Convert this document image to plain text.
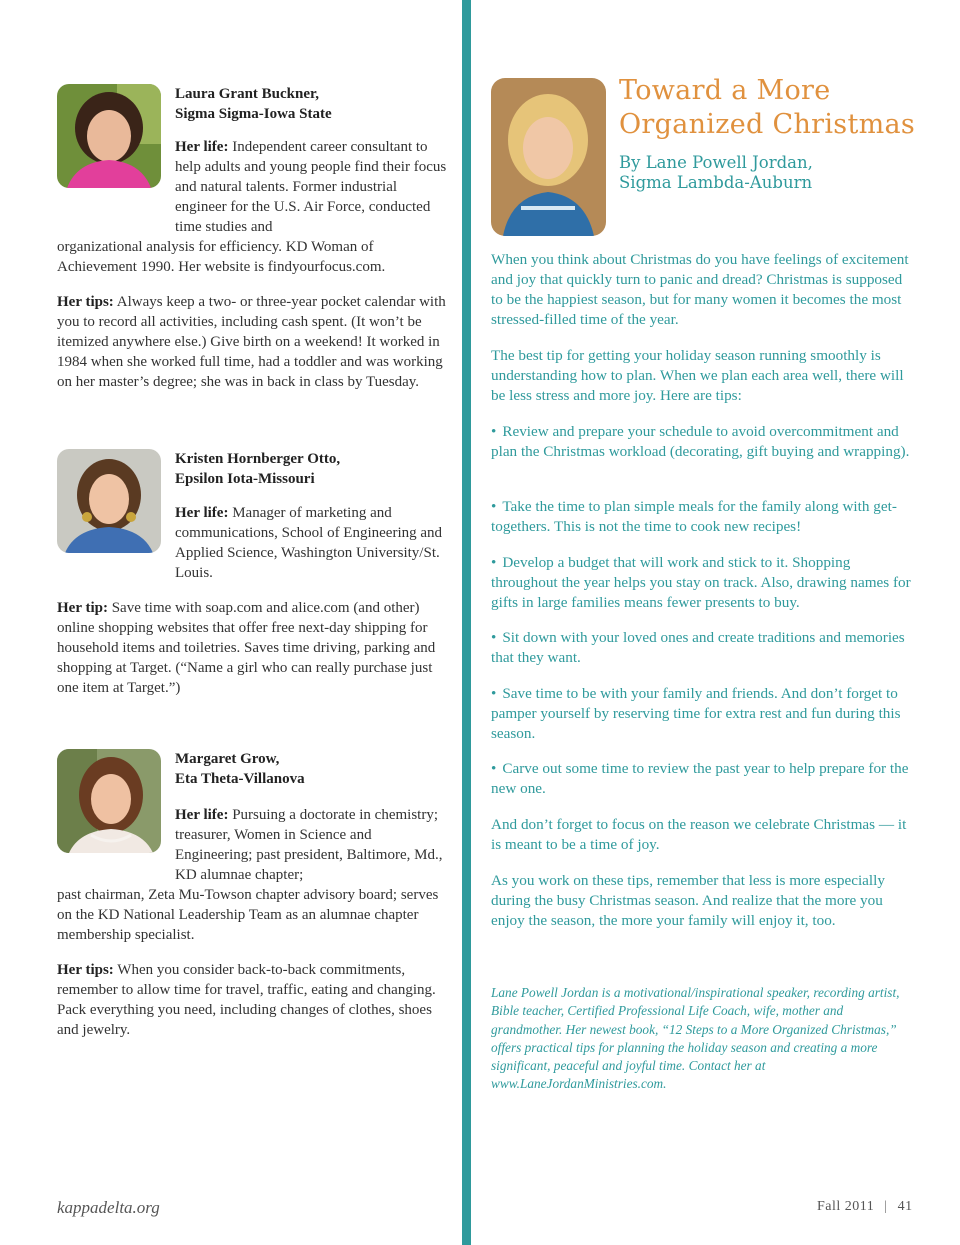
Laura Grant Buckner,
Sigma Sigma-Iowa State

Her life: Independent career consultant to help adults and young people find their focus and natural talents. Former industrial engineer for the U.S. Air Force, conducted time studies and

organizational analysis for efficiency. KD Woman of Achievement 1990. Her website is findyourfocus.com.

Her tips: Always keep a two- or three-year pocket calendar with you to record all activities, including cash spent. (It won’t be itemized anywhere else.) Give birth on a weekend! It worked in 1984 when she worked full time, had a toddler and was working on her master’s degree; she was in back in class by Tuesday.

Kristen Hornberger Otto,
Epsilon Iota-Missouri

Her life: Manager of marketing and communications, School of Engineering and Applied Science, Washington University/St. Louis.

Her tip: Save time with soap.com and alice.com (and other) online shopping websites that offer free next-day shipping for household items and toiletries. Saves time driving, parking and shopping at Target. (“Name a girl who can really purchase just one item at Target.”)

Margaret Grow,
Eta Theta-Villanova

Her life: Pursuing a doctorate in chemistry; treasurer, Women in Science and Engineering; past president, Baltimore, Md., KD alumnae chapter;

past chairman, Zeta Mu-Towson chapter advisory board; serves on the KD National Leadership Team as an alumnae chapter membership specialist.

Her tips: When you consider back-to-back commitments, remember to allow time for travel, traffic, eating and changing. Pack everything you need, including changes of clothes, shoes and jewelry.

Toward a More Organized Christmas
By Lane Powell Jordan,
Sigma Lambda-Auburn

When you think about Christmas do you have feelings of excitement and joy that quickly turn to panic and dread? Christmas is supposed to be the happiest season, but for many women it becomes the most stressed-filled time of the year.

The best tip for getting your holiday season running smoothly is understanding how to plan. When we plan each area well, there will be less stress and more joy. Here are tips:

• Review and prepare your schedule to avoid overcommitment and plan the Christmas workload (decorating, gift buying and wrapping).

• Take the time to plan simple meals for the family along with get-togethers. This is not the time to cook new recipes!

• Develop a budget that will work and stick to it. Shopping throughout the year helps you stay on track. Also, drawing names for gifts in large families means fewer presents to buy.

• Sit down with your loved ones and create traditions and memories that they want.

• Save time to be with your family and friends. And don’t forget to pamper yourself by reserving time for extra rest and fun during this season.

• Carve out some time to review the past year to help prepare for the new one.

And don’t forget to focus on the reason we celebrate Christmas — it is meant to be a time of joy.

As you work on these tips, remember that less is more especially during the busy Christmas season. And realize that the more you enjoy the season, the more your family will enjoy it, too.

Lane Powell Jordan is a motivational/inspirational speaker, recording artist, Bible teacher, Certified Professional Life Coach, wife, mother and grandmother. Her newest book, “12 Steps to a More Organized Christmas,” offers practical tips for planning the holiday season and creating a more significant, peaceful and joyful time. Contact her at www.LaneJordanMinistries.com.
kappadelta.org	Fall 2011 | 41
